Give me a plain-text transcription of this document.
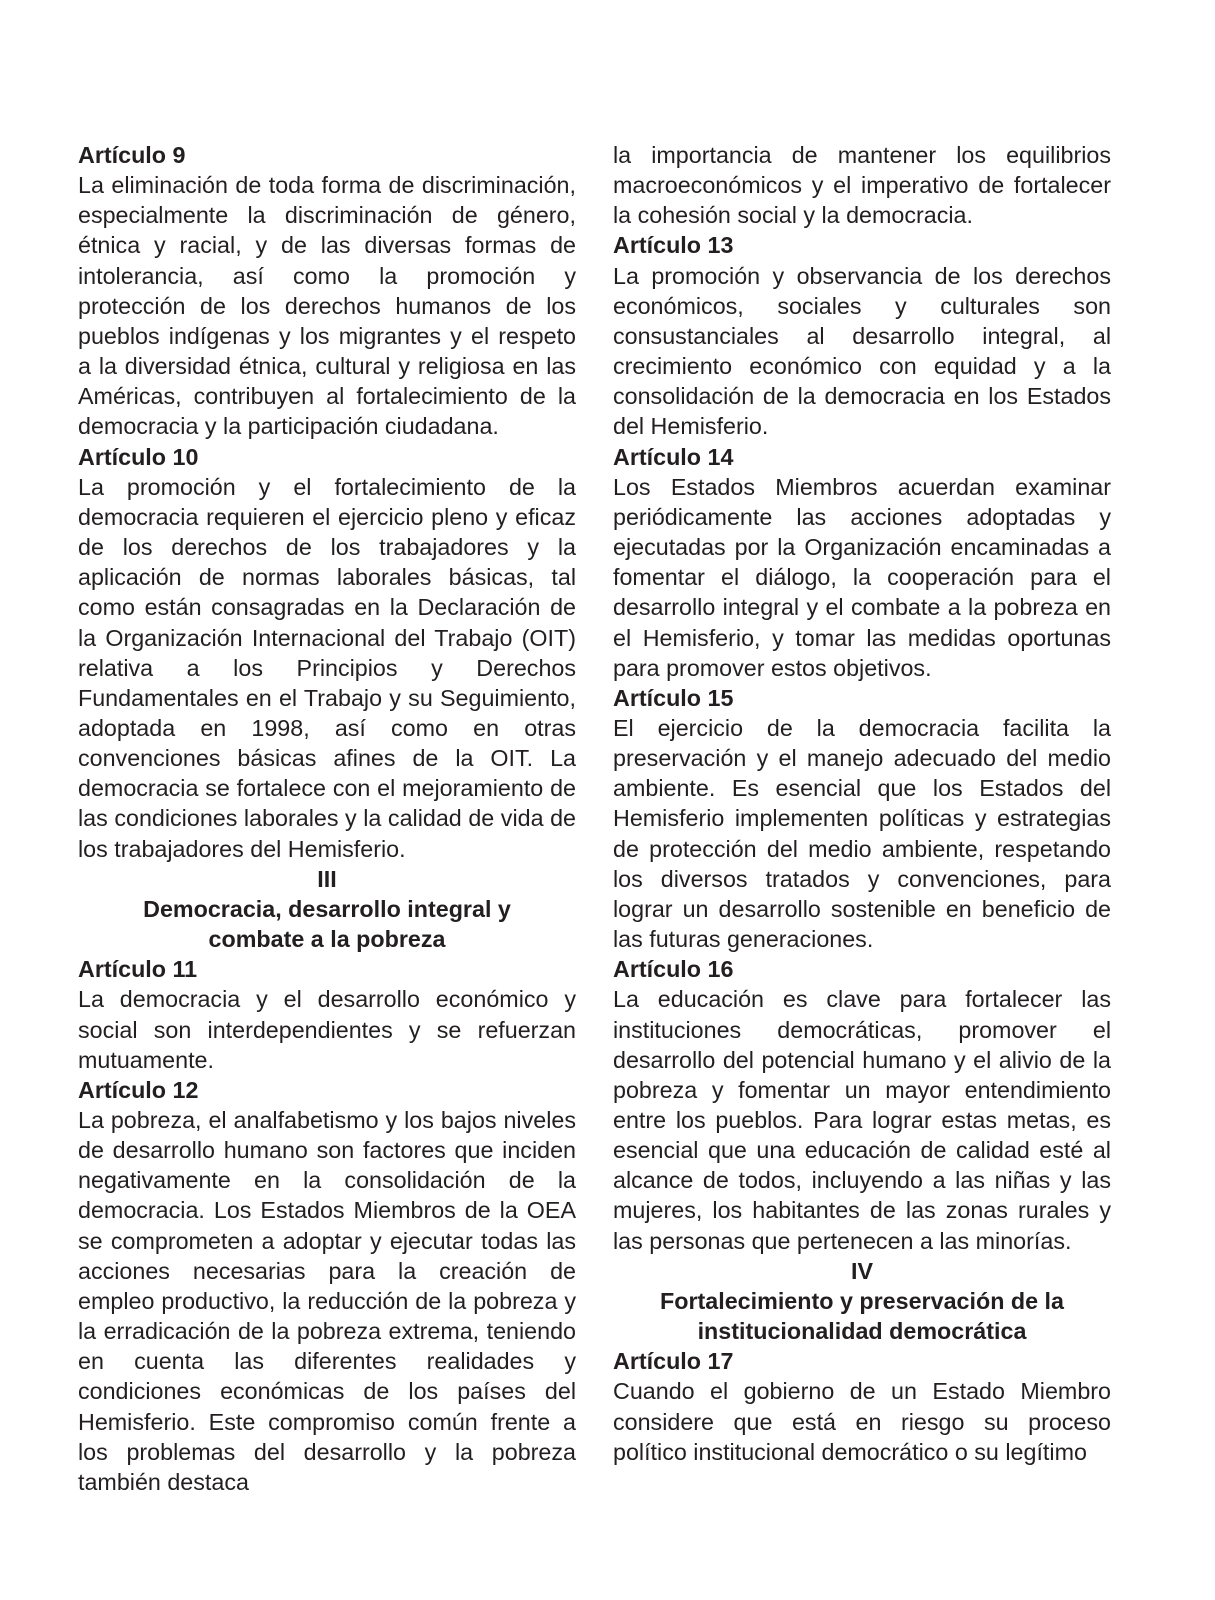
Artículo 9

La eliminación de toda forma de discriminación, especialmente la discriminación de género, étnica y racial, y de las diversas formas de intolerancia, así como la promoción y protección de los derechos humanos de los pueblos indígenas y los migrantes y el respeto a la diversidad étnica, cultural y religiosa en las Américas, contribuyen al fortalecimiento de la democracia y la participación ciudadana.

Artículo 10

La promoción y el fortalecimiento de la democracia requieren el ejercicio pleno y eficaz de los derechos de los trabajadores y la aplicación de normas laborales básicas, tal como están consagradas en la Declaración de la Organización Internacional del Trabajo (OIT) relativa a los Principios y Derechos Fundamentales en el Trabajo y su Seguimiento, adoptada en 1998, así como en otras convenciones básicas afines de la OIT. La democracia se fortalece con el mejoramiento de las condiciones laborales y la calidad de vida de los trabajadores del Hemisferio.

III

Democracia, desarrollo integral y

combate a la pobreza

Artículo 11

La democracia y el desarrollo económico y social son interdependientes y se refuerzan mutuamente.

Artículo 12

La pobreza, el analfabetismo y los bajos niveles de desarrollo humano son factores que inciden negativamente en la consolidación de la democracia. Los Estados Miembros de la OEA se comprometen a adoptar y ejecutar todas las acciones necesarias para la creación de empleo productivo, la reducción de la pobreza y la erradicación de la pobreza extrema, teniendo en cuenta las diferentes realidades y condiciones económicas de los países del Hemisferio. Este compromiso común frente a los problemas del desarrollo y la pobreza también destaca

la importancia de mantener los equilibrios macroeconómicos y el imperativo de fortalecer la cohesión social y la democracia.

Artículo 13

La promoción y observancia de los derechos económicos, sociales y culturales son consustanciales al desarrollo integral, al crecimiento económico con equidad y a la consolidación de la democracia en los Estados del Hemisferio.

Artículo 14

Los Estados Miembros acuerdan examinar periódicamente las acciones adoptadas y ejecutadas por la Organización encaminadas a fomentar el diálogo, la cooperación para el desarrollo integral y el combate a la pobreza en el Hemisferio, y tomar las medidas oportunas para promover estos objetivos.

Artículo 15

El ejercicio de la democracia facilita la preservación y el manejo adecuado del medio ambiente. Es esencial que los Estados del Hemisferio implementen políticas y estrategias de protección del medio ambiente, respetando los diversos tratados y convenciones, para lograr un desarrollo sostenible en beneficio de las futuras generaciones.

Artículo 16

La educación es clave para fortalecer las instituciones democráticas, promover el desarrollo del potencial humano y el alivio de la pobreza y fomentar un mayor entendimiento entre los pueblos. Para lograr estas metas, es esencial que una educación de calidad esté al alcance de todos, incluyendo a las niñas y las mujeres, los habitantes de las zonas rurales y las personas que pertenecen a las minorías.

IV

Fortalecimiento y preservación de la

institucionalidad democrática

Artículo 17

Cuando el gobierno de un Estado Miembro considere que está en riesgo su proceso político institucional democrático o su legítimo
